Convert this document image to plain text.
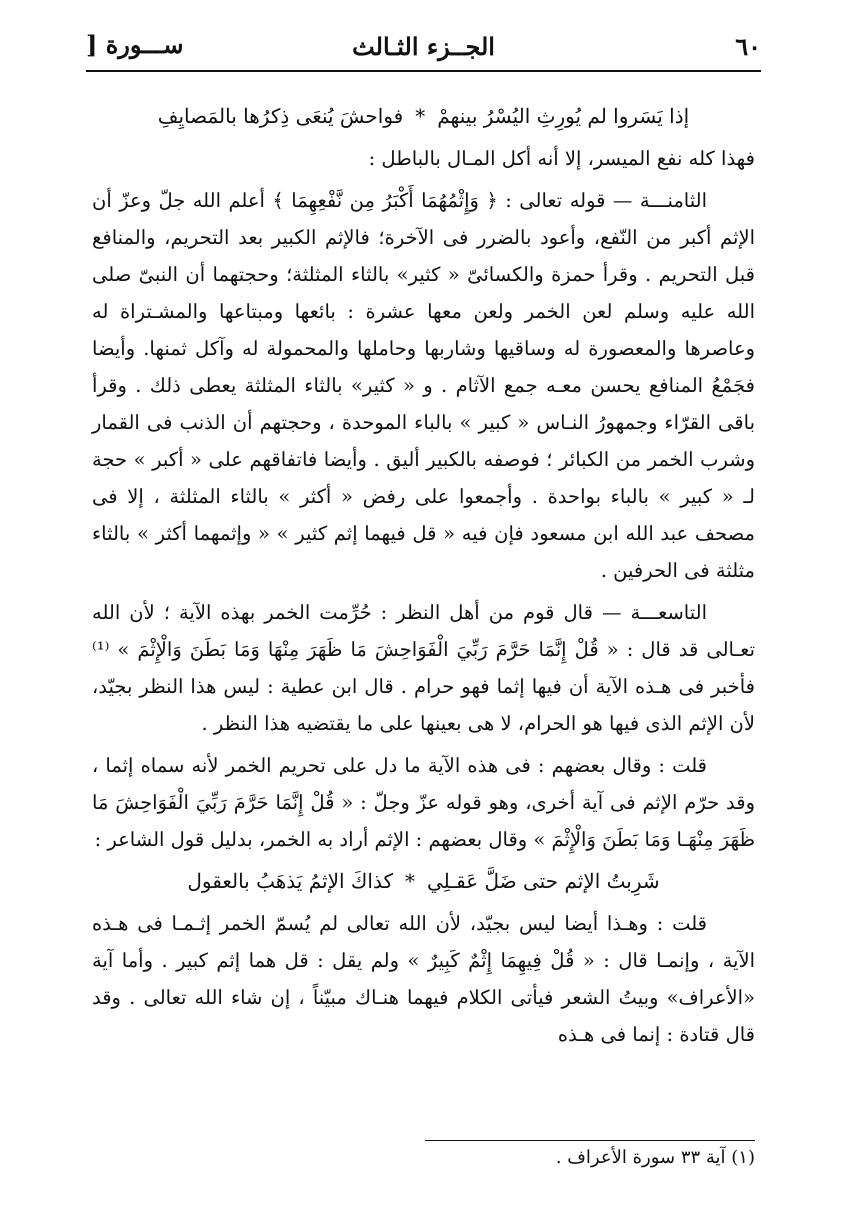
٦٠
الجــزء الثـالث
ســـورة [

إذا يَسَروا لم يُورِثِ اليُسْرُ بينهمْ*فواحشَ يُنعَى ذِكرُها بالمَصايِفِ

فهذا كله نفع الميسر، إلا أنه أكل المـال بالباطل :

الثامنـــة — قوله تعالى : ﴿ وَإِثْمُهُمَا أَكْبَرُ مِن نَّفْعِهِمَا ﴾ أعلم الله جلّ وعزّ أن الإثم أكبر من النّفع، وأعود بالضرر فى الآخرة؛ فالإثم الكبير بعد التحريم، والمنافع قبل التحريم . وقرأ حمزة والكسائىّ « كثير» بالثاء المثلثة؛ وحجتهما أن النبىّ صلى الله عليه وسلم لعن الخمر ولعن معها عشرة : بائعها ومبتاعها والمشـتراة له وعاصرها والمعصورة له وساقيها وشاربها وحاملها والمحمولة له وآكل ثمنها. وأيضا فجَمْعُ المنافع يحسن معـه جمع الآثام . و « كثير» بالثاء المثلثة يعطى ذلك . وقرأ باقى القرّاء وجمهورُ النـاس « كبير » بالباء الموحدة ، وحجتهم أن الذنب فى القمار وشرب الخمر من الكبائر ؛ فوصفه بالكبير أليق . وأيضا فاتفاقهم على « أكبر » حجة لـ « كبير » بالباء بواحدة . وأجمعوا على رفض « أكثر » بالثاء المثلثة ، إلا فى مصحف عبد الله ابن مسعود فإن فيه « قل فيهما إثم كثير » « وإثمهما أكثر » بالثاء مثلثة فى الحرفين .

التاسعـــة — قال قوم من أهل النظر : حُرِّمت الخمر بهذه الآية ؛ لأن الله تعـالى قد قال : « قُلْ إِنَّمَا حَرَّمَ رَبِّيَ الْفَوَاحِشَ مَا ظَهَرَ مِنْهَا وَمَا بَطَنَ وَالْإِثْمَ » ⁽¹⁾ فأخبر فى هـذه الآية أن فيها إثما فهو حرام . قال ابن عطية : ليس هذا النظر بجيّد، لأن الإثم الذى فيها هو الحرام، لا هى بعينها على ما يقتضيه هذا النظر .

قلت : وقال بعضهم : فى هذه الآية ما دل على تحريم الخمر لأنه سماه إثما ، وقد حرّم الإثم فى آية أخرى، وهو قوله عزّ وجلّ : « قُلْ إِنَّمَا حَرَّمَ رَبِّيَ الْفَوَاحِشَ مَا ظَهَرَ مِنْهَـا وَمَا بَطَنَ وَالْإِثْمَ » وقال بعضهم : الإثم أراد به الخمر، بدليل قول الشاعر :

شَرِبتُ الإثم حتى ضَلَّ عَقـلِي*كذاكَ الإثمُ يَذهَبُ بالعقول

قلت : وهـذا أيضا ليس بجيّد، لأن الله تعالى لم يُسمّ الخمر إثـمـا فى هـذه الآية ، وإنمـا قال : « قُلْ فِيهِمَا إِثْمٌ كَبِيرٌ » ولم يقل : قل هما إثم كبير . وأما آية «الأعراف» وبيتُ الشعر فيأتى الكلام فيهما هنـاك مبيّناً ، إن شاء الله تعالى . وقد قال قتادة : إنما فى هـذه

(١) آية ٣٣ سورة الأعراف .
